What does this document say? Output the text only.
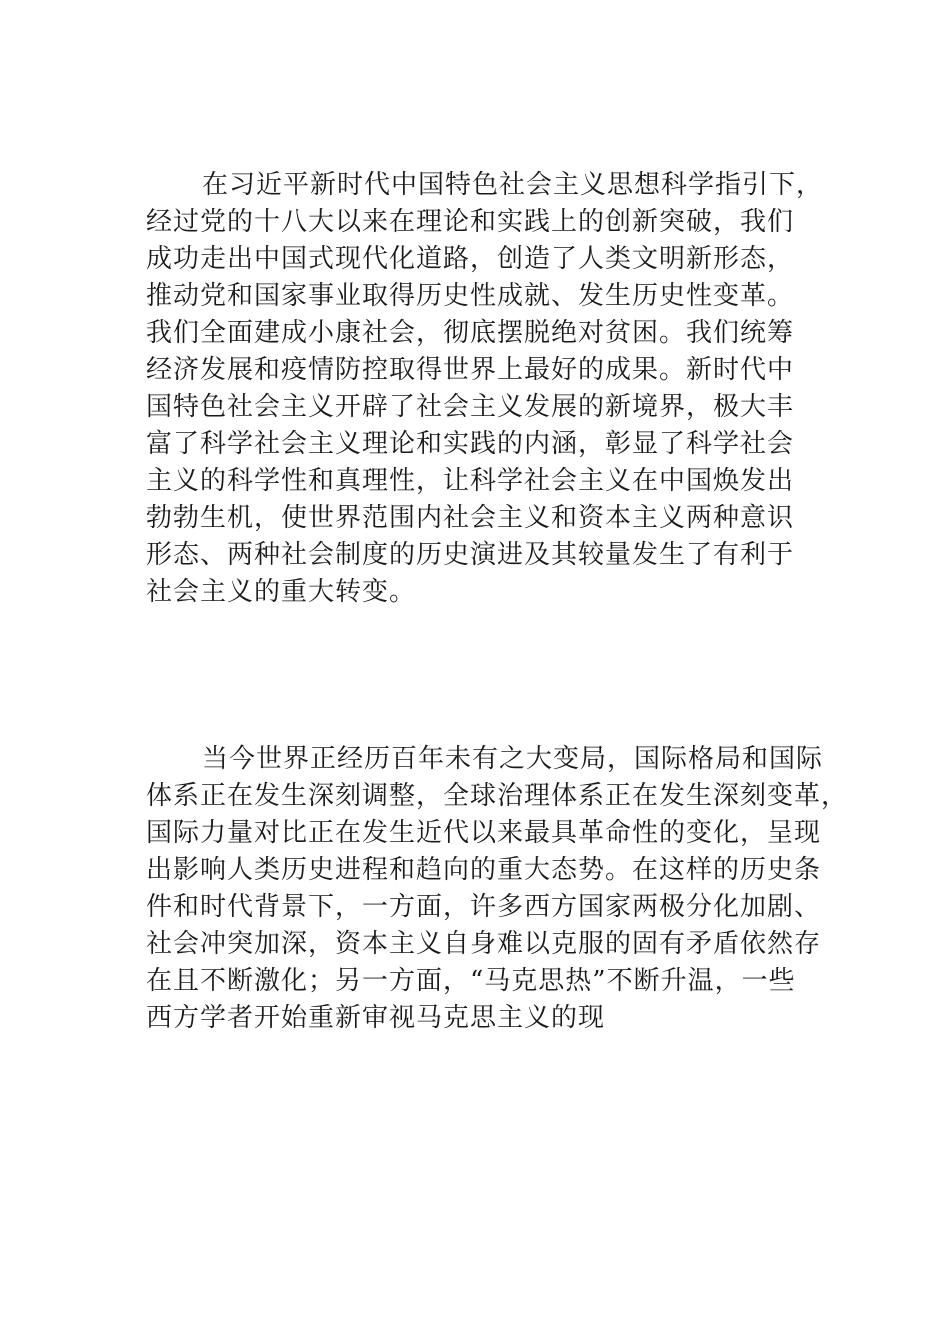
在习近平新时代中国特色社会主义思想科学指引下，
经过党的十八大以来在理论和实践上的创新突破，我们
成功走出中国式现代化道路，创造了人类文明新形态，
推动党和国家事业取得历史性成就、发生历史性变革。
我们全面建成小康社会，彻底摆脱绝对贫困。我们统筹
经济发展和疫情防控取得世界上最好的成果。新时代中
国特色社会主义开辟了社会主义发展的新境界，极大丰
富了科学社会主义理论和实践的内涵，彰显了科学社会
主义的科学性和真理性，让科学社会主义在中国焕发出
勃勃生机，使世界范围内社会主义和资本主义两种意识
形态、两种社会制度的历史演进及其较量发生了有利于
社会主义的重大转变。
当今世界正经历百年未有之大变局，国际格局和国际
体系正在发生深刻调整，全球治理体系正在发生深刻变革，
国际力量对比正在发生近代以来最具革命性的变化，呈现
出影响人类历史进程和趋向的重大态势。在这样的历史条
件和时代背景下，一方面，许多西方国家两极分化加剧、
社会冲突加深，资本主义自身难以克服的固有矛盾依然存
在且不断激化；另一方面，“马克思热”不断升温，一些
西方学者开始重新审视马克思主义的现
